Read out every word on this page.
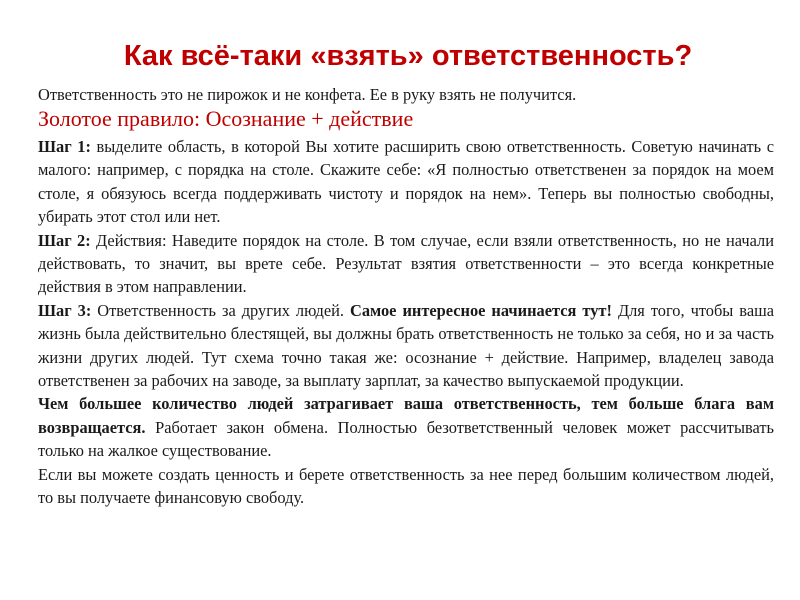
Как всё-таки «взять» ответственность?
Ответственность это не пирожок и не конфета. Ее в руку взять не получится.
Золотое правило: Осознание + действие
Шаг 1: выделите область, в которой Вы хотите расширить свою ответственность. Советую начинать с малого: например, с порядка на столе. Скажите себе: «Я полностью ответственен за порядок на моем столе, я обязуюсь всегда поддерживать чистоту и порядок на нем». Теперь вы полностью свободны, убирать этот стол или нет.
Шаг 2: Действия: Наведите порядок на столе. В том случае, если взяли ответственность, но не начали действовать, то значит, вы врете себе. Результат взятия ответственности – это всегда конкретные действия в этом направлении.
Шаг 3: Ответственность за других людей. Самое интересное начинается тут! Для того, чтобы ваша жизнь была действительно блестящей, вы должны брать ответственность не только за себя, но и за часть жизни других людей. Тут схема точно такая же: осознание + действие. Например, владелец завода ответственен за рабочих на заводе, за выплату зарплат, за качество выпускаемой продукции.
Чем большее количество людей затрагивает ваша ответственность, тем больше блага вам возвращается. Работает закон обмена. Полностью безответственный человек может рассчитывать только на жалкое существование.
Если вы можете создать ценность и берете ответственность за нее перед большим количеством людей, то вы получаете финансовую свободу.
